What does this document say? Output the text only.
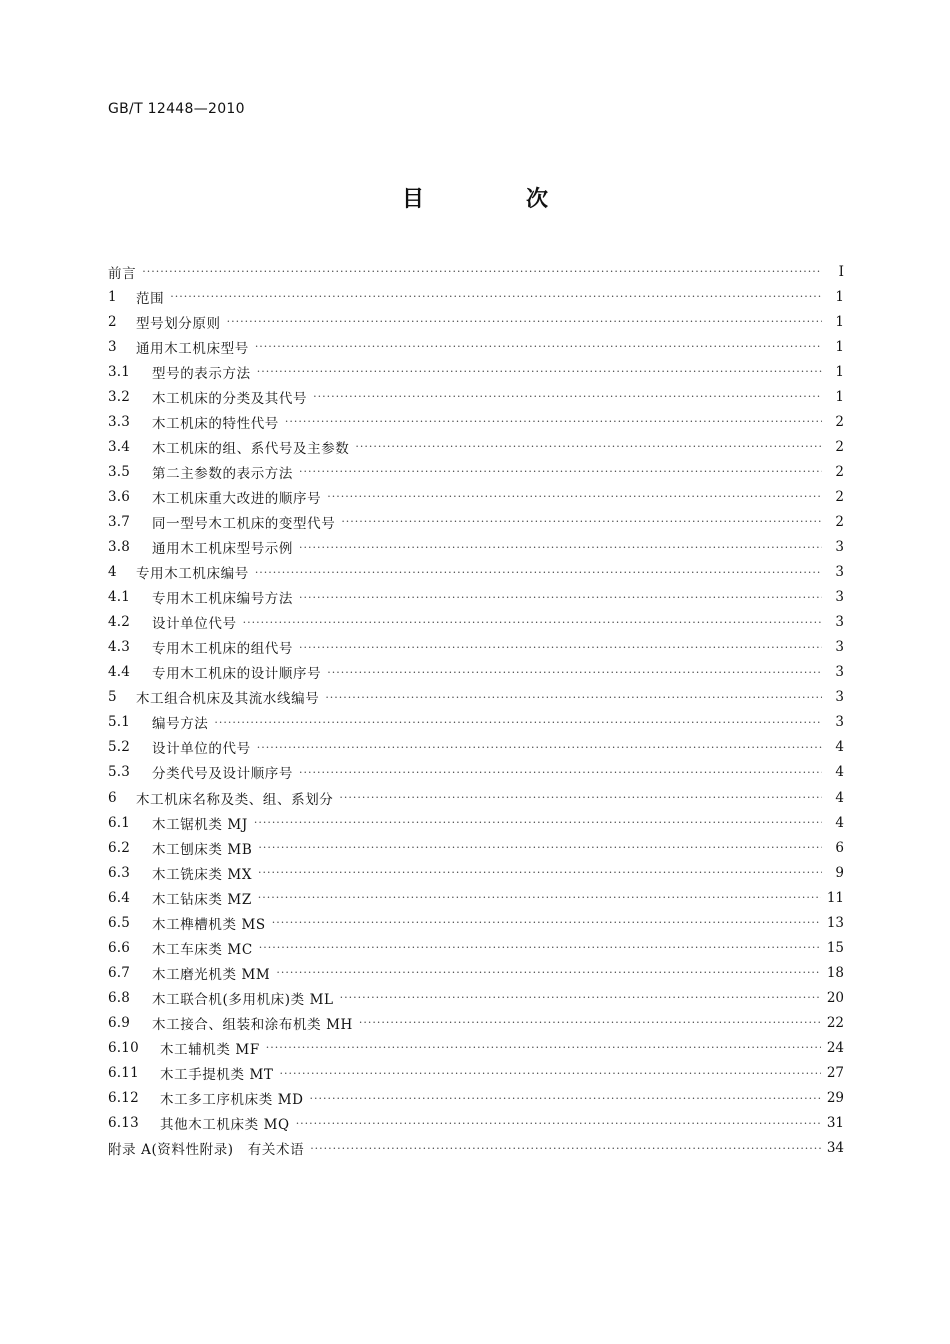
GB/T 12448—2010
目　次
前言 ·····	Ⅰ
1	范围 ·····	1
2	型号划分原则 ·····	1
3	通用木工机床型号 ·····	1
3.1	型号的表示方法 ·····	1
3.2	木工机床的分类及其代号 ·····	1
3.3	木工机床的特性代号 ·····	2
3.4	木工机床的组、系代号及主参数 ·····	2
3.5	第二主参数的表示方法 ·····	2
3.6	木工机床重大改进的顺序号 ·····	2
3.7	同一型号木工机床的变型代号 ·····	2
3.8	通用木工机床型号示例 ·····	3
4	专用木工机床编号 ·····	3
4.1	专用木工机床编号方法 ·····	3
4.2	设计单位代号 ·····	3
4.3	专用木工机床的组代号 ·····	3
4.4	专用木工机床的设计顺序号 ·····	3
5	木工组合机床及其流水线编号 ·····	3
5.1	编号方法 ·····	3
5.2	设计单位的代号 ·····	4
5.3	分类代号及设计顺序号 ·····	4
6	木工机床名称及类、组、系划分 ·····	4
6.1	木工锯机类 MJ ·····	4
6.2	木工刨床类 MB ·····	6
6.3	木工铣床类 MX ·····	9
6.4	木工钻床类 MZ ·····	11
6.5	木工榫槽机类 MS ·····	13
6.6	木工车床类 MC ·····	15
6.7	木工磨光机类 MM ·····	18
6.8	木工联合机(多用机床)类 ML ·····	20
6.9	木工接合、组装和涂布机类 MH ·····	22
6.10	木工辅机类 MF ·····	24
6.11	木工手提机类 MT ·····	27
6.12	木工多工序机床类 MD ·····	29
6.13	其他木工机床类 MQ ·····	31
附录 A(资料性附录)　有关术语 ·····	34
